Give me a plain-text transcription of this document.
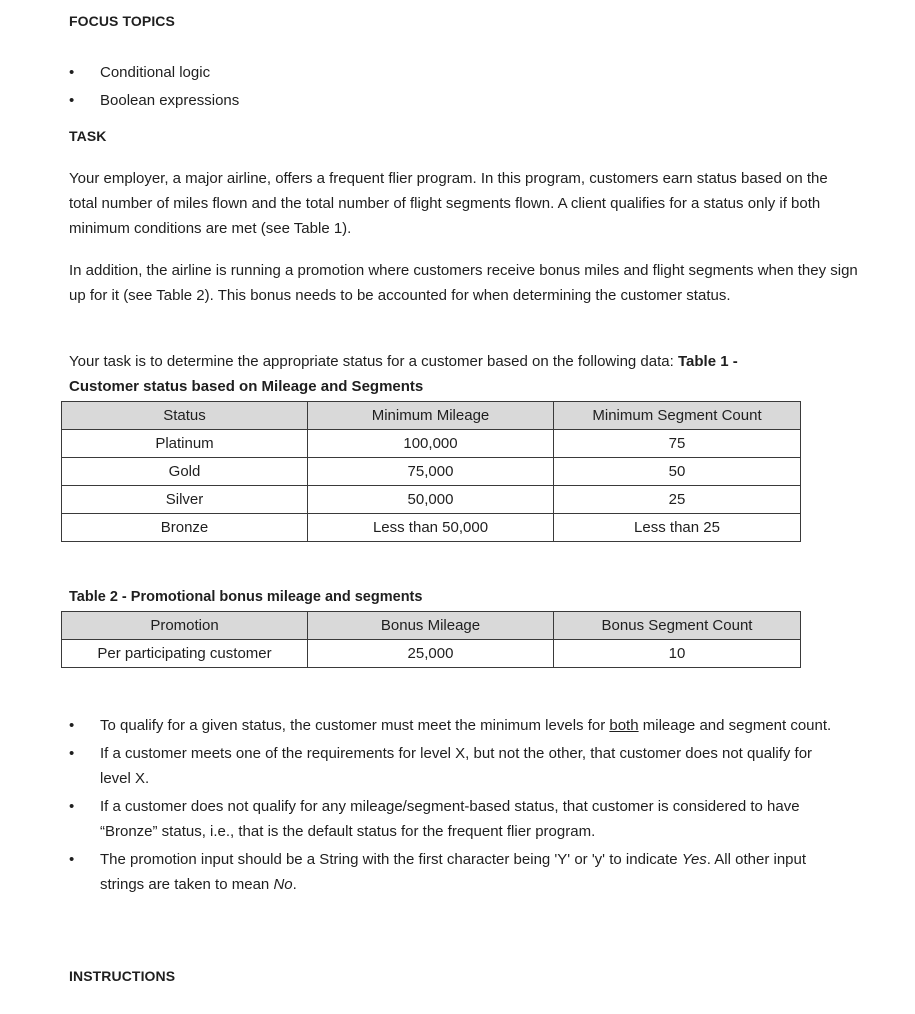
FOCUS TOPICS
• Conditional logic
• Boolean expressions
TASK

Your employer, a major airline, offers a frequent flier program. In this program, customers earn status based on the total number of miles flown and the total number of flight segments flown. A client qualifies for a status only if both minimum conditions are met (see Table 1).

In addition, the airline is running a promotion where customers receive bonus miles and flight segments when they sign up for it (see Table 2). This bonus needs to be accounted for when determining the customer status.

Your task is to determine the appropriate status for a customer based on the following data: Table 1 - Customer status based on Mileage and Segments

Status	Minimum Mileage	Minimum Segment Count
Platinum	100,000	75
Gold	75,000	50
Silver	50,000	25
Bronze	Less than 50,000	Less than 25
Table 2 - Promotional bonus mileage and segments
Promotion	Bonus Mileage	Bonus Segment Count
Per participating customer	25,000	10
• To qualify for a given status, the customer must meet the minimum levels for both mileage and segment count.
• If a customer meets one of the requirements for level X, but not the other, that customer does not qualify for level X.
• If a customer does not qualify for any mileage/segment-based status, that customer is considered to have “Bronze” status, i.e., that is the default status for the frequent flier program.
• The promotion input should be a String with the first character being 'Y' or 'y' to indicate Yes. All other input strings are taken to mean No.
INSTRUCTIONS
